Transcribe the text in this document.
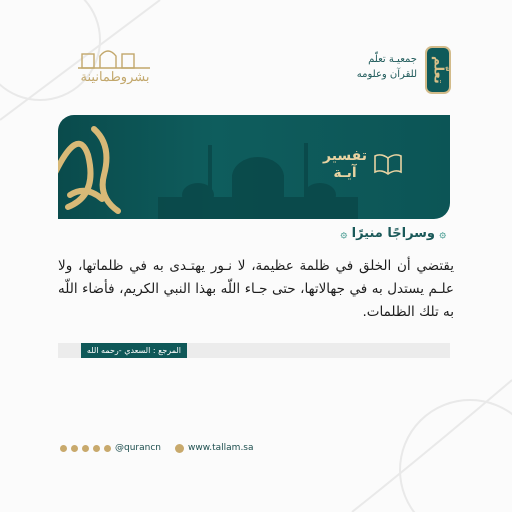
تعلّم
جمعيـة تعلّم
للقرآن وعلومه
بشروطمانينة
تفسير
آيـة
۞ وسراجًا منيرًا ۞
يقتضي أن الخلق في ظلمة عظيمة، لا نـور يهتـدى به في ظلماتها، ولا علـم يستدل به في جهالاتها، حتى جـاء اللّه بهذا النبي الكريم، فأضاء اللّه به تلك الظلمات.
المرجع : السعدي -رحمه الله
@qurancn	www.tallam.sa
